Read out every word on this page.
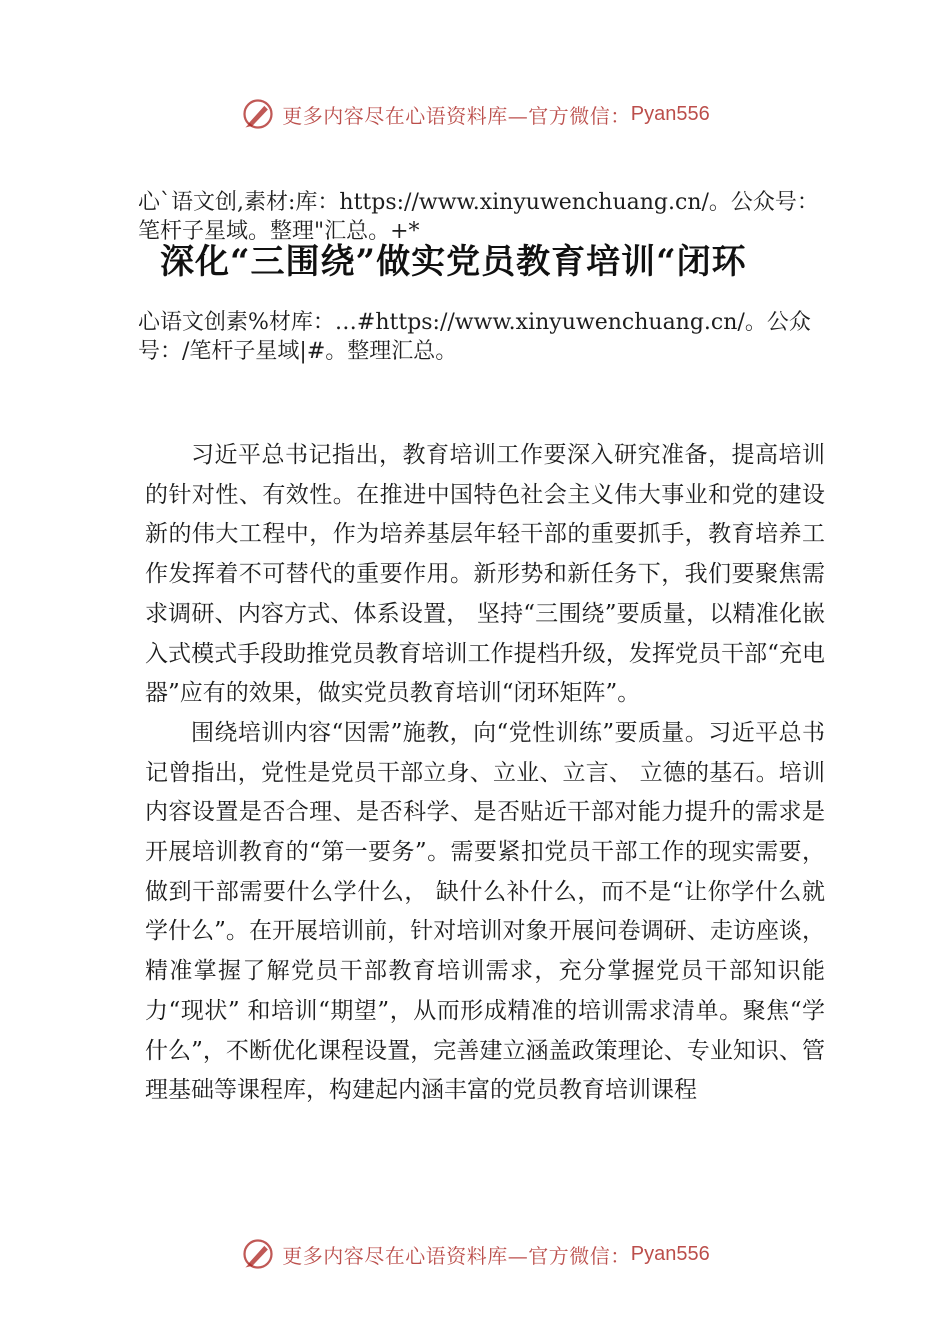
更多内容尽在心语资料库—官方微信： Pyan556
心`语文创,素材:库：https://www.xinyuwenchuang.cn/。公众号：笔杆子星域。整理"汇总。+*
深化“三围绕”做实党员教育培训“闭环
心语文创素%材库：…#https://www.xinyuwenchuang.cn/。公众号：/笔杆子星域|#。整理汇总。

习近平总书记指出，教育培训工作要深入研究准备，提高培训的针对性、有效性。在推进中国特色社会主义伟大事业和党的建设新的伟大工程中，作为培养基层年轻干部的重要抓手，教育培养工作发挥着不可替代的重要作用。新形势和新任务下，我们要聚焦需求调研、内容方式、体系设置， 坚持“三围绕”要质量，以精准化嵌入式模式手段助推党员教育培训工作提档升级，发挥党员干部“充电器”应有的效果，做实党员教育培训“闭环矩阵”。

围绕培训内容“因需”施教，向“党性训练”要质量。习近平总书记曾指出，党性是党员干部立身、立业、立言、 立德的基石。培训内容设置是否合理、是否科学、是否贴近干部对能力提升的需求是开展培训教育的“第一要务”。需要紧扣党员干部工作的现实需要，做到干部需要什么学什么， 缺什么补什么，而不是“让你学什么就学什么”。在开展培训前，针对培训对象开展问卷调研、走访座谈，精准掌握了解党员干部教育培训需求，充分掌握党员干部知识能力“现状” 和培训“期望”，从而形成精准的培训需求清单。聚焦“学什么”，不断优化课程设置，完善建立涵盖政策理论、专业知识、管理基础等课程库，构建起内涵丰富的党员教育培训课程

更多内容尽在心语资料库—官方微信： Pyan556
